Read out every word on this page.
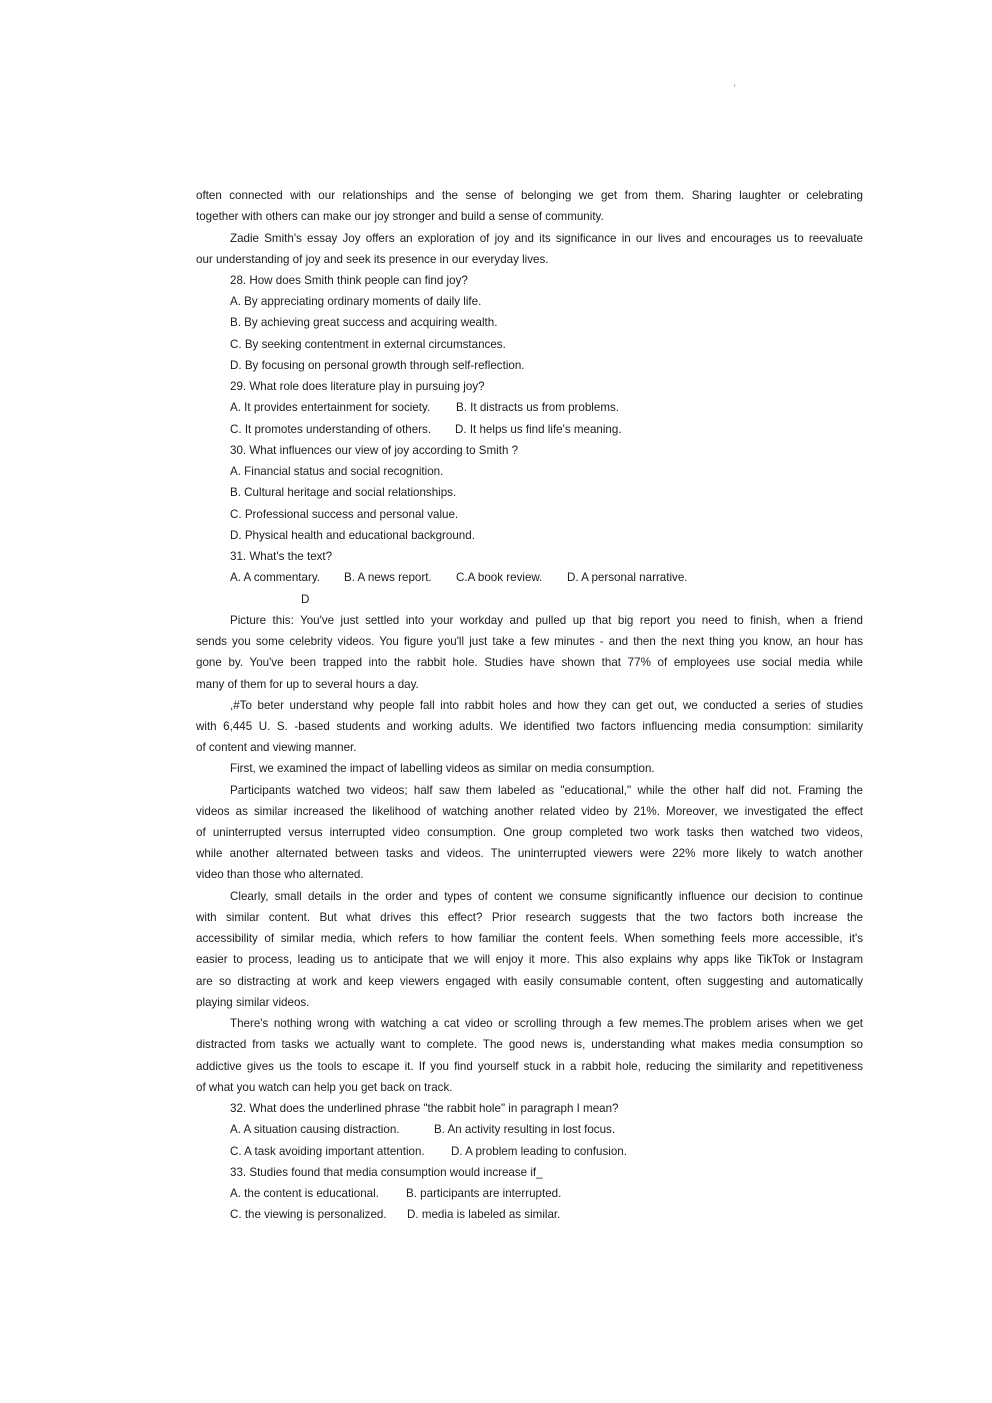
often connected with our relationships and the sense of belonging we get from them. Sharing laughter or celebrating
together with others can make our joy stronger and build a sense of community.
Zadie Smith's essay Joy offers an exploration of joy and its significance in our lives and encourages us to reevaluate
our understanding of joy and seek its presence in our everyday lives.
28. How does Smith think people can find joy?
A. By appreciating ordinary moments of daily life.
B. By achieving great success and acquiring wealth.
C. By seeking contentment in external circumstances.
D. By focusing on personal growth through self-reflection.
29. What role does literature play in pursuing joy?
A. It provides entertainment for society. B. It distracts us from problems.
C. It promotes understanding of others. D. It helps us find life's meaning.
30. What influences our view of joy according to Smith ?
A. Financial status and social recognition.
B. Cultural heritage and social relationships.
C. Professional success and personal value.
D. Physical health and educational background.
31. What's the text?
A. A commentary. B. A news report. C.A book review. D. A personal narrative.
D
Picture this: You've just settled into your workday and pulled up that big report you need to finish, when a friend
sends you some celebrity videos. You figure you'll just take a few minutes - and then the next thing you know, an hour has
gone by. You've been trapped into the rabbit hole. Studies have shown that 77% of employees use social media while
many of them for up to several hours a day.
,#To beter understand why people fall into rabbit holes and how they can get out, we conducted a series of studies
with 6,445 U. S. -based students and working adults. We identified two factors influencing media consumption: similarity
of content and viewing manner.
First, we examined the impact of labelling videos as similar on media consumption.
Participants watched two videos; half saw them labeled as "educational," while the other half did not. Framing the
videos as similar increased the likelihood of watching another related video by 21%. Moreover, we investigated the effect
of uninterrupted versus interrupted video consumption. One group completed two work tasks then watched two videos,
while another alternated between tasks and videos. The uninterrupted viewers were 22% more likely to watch another
video than those who alternated.
Clearly, small details in the order and types of content we consume significantly influence our decision to continue
with similar content. But what drives this effect? Prior research suggests that the two factors both increase the
accessibility of similar media, which refers to how familiar the content feels. When something feels more accessible, it's
easier to process, leading us to anticipate that we will enjoy it more. This also explains why apps like TikTok or Instagram
are so distracting at work and keep viewers engaged with easily consumable content, often suggesting and automatically
playing similar videos.
There's nothing wrong with watching a cat video or scrolling through a few memes.The problem arises when we get
distracted from tasks we actually want to complete. The good news is, understanding what makes media consumption so
addictive gives us the tools to escape it. If you find yourself stuck in a rabbit hole, reducing the similarity and repetitiveness
of what you watch can help you get back on track.
32. What does the underlined phrase "the rabbit hole" in paragraph I mean?
A. A situation causing distraction.	B. An activity resulting in lost focus.
C. A task avoiding important attention. D. A problem leading to confusion.
33. Studies found that media consumption would increase if_
A. the content is educational. B. participants are interrupted.
C. the viewing is personalized. D. media is labeled as similar.
